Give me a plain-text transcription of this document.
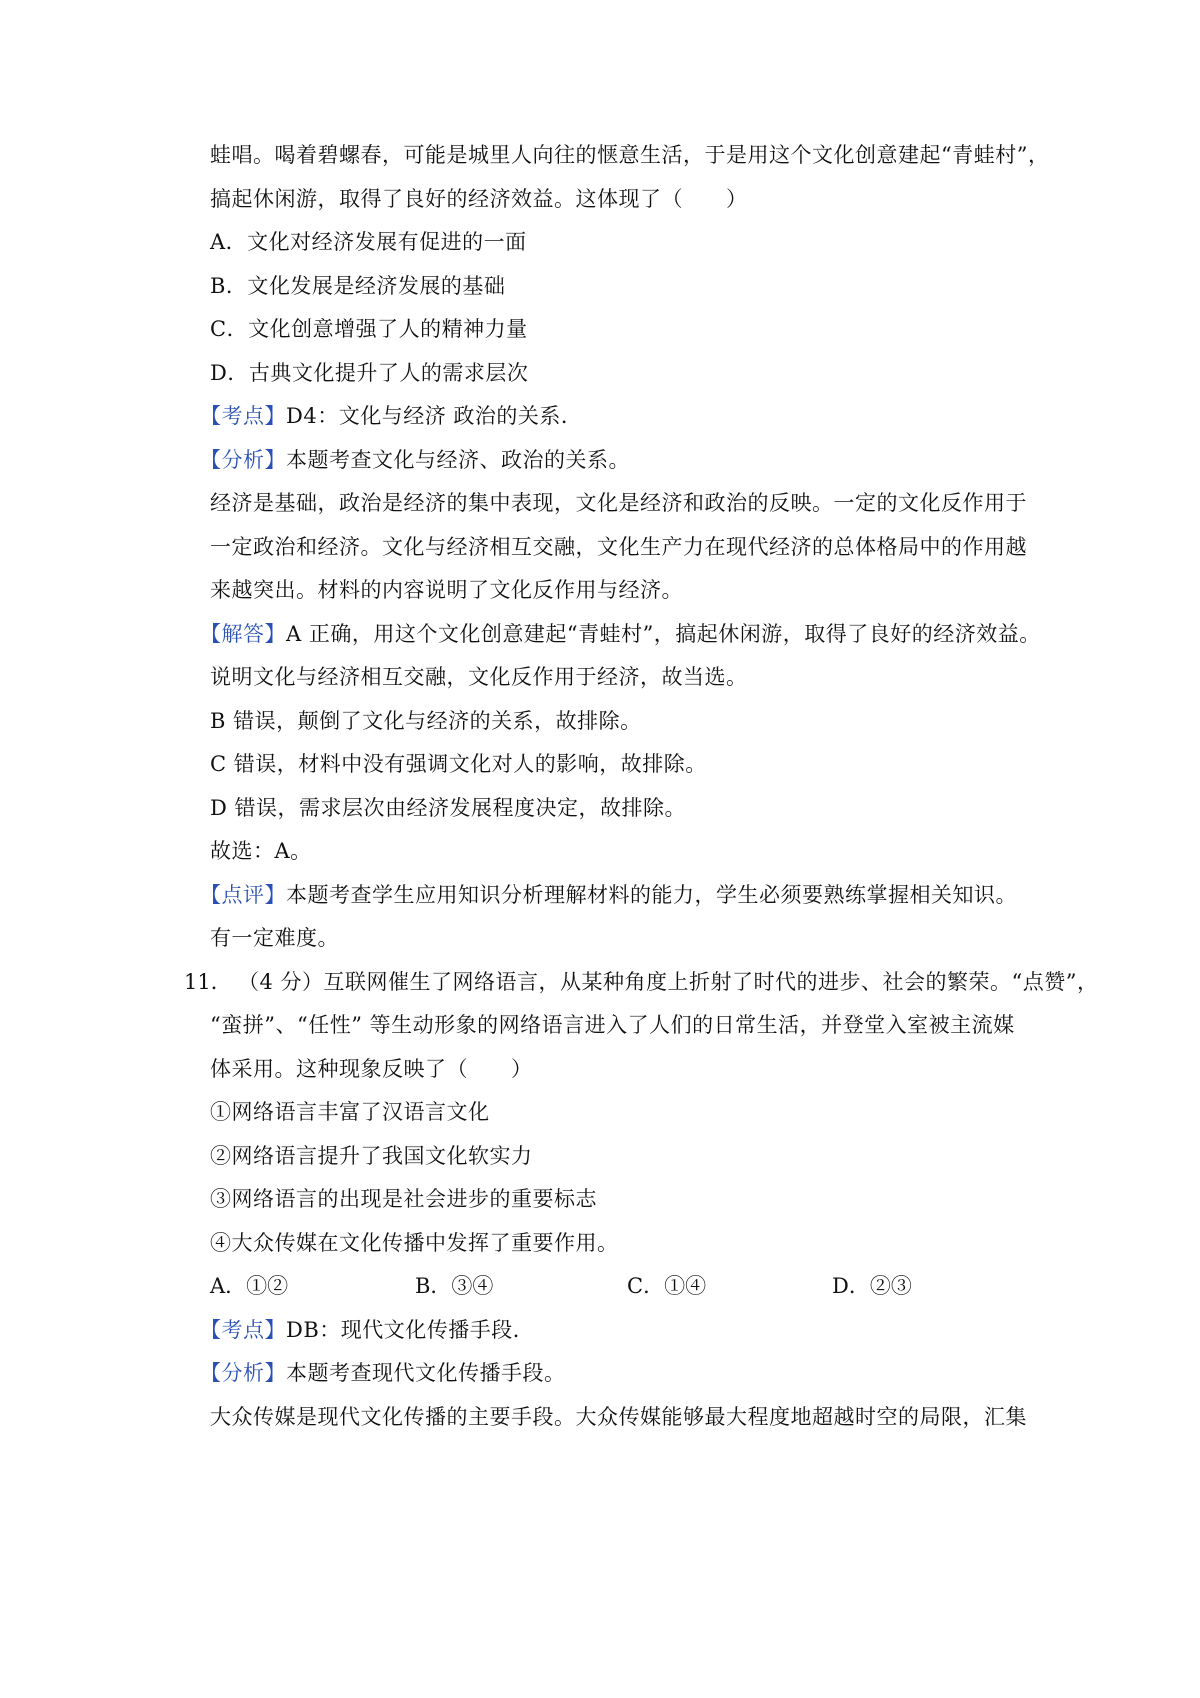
蛙唱。喝着碧螺春，可能是城里人向往的惬意生活，于是用这个文化创意建起“青蛙村”，
搞起休闲游，取得了良好的经济效益。这体现了（　　）
A．文化对经济发展有促进的一面
B．文化发展是经济发展的基础
C．文化创意增强了人的精神力量
D．古典文化提升了人的需求层次
【考点】D4：文化与经济 政治的关系．
【分析】本题考查文化与经济、政治的关系。
经济是基础，政治是经济的集中表现，文化是经济和政治的反映。一定的文化反作用于
一定政治和经济。文化与经济相互交融，文化生产力在现代经济的总体格局中的作用越
来越突出。材料的内容说明了文化反作用与经济。
【解答】A 正确，用这个文化创意建起“青蛙村”，搞起休闲游，取得了良好的经济效益。
说明文化与经济相互交融，文化反作用于经济，故当选。
B 错误，颠倒了文化与经济的关系，故排除。
C 错误，材料中没有强调文化对人的影响，故排除。
D 错误，需求层次由经济发展程度决定，故排除。
故选：A。
【点评】本题考查学生应用知识分析理解材料的能力，学生必须要熟练掌握相关知识。
有一定难度。
11． （4 分）互联网催生了网络语言，从某种角度上折射了时代的进步、社会的繁荣。“点赞”，
“蛮拼”、“任性” 等生动形象的网络语言进入了人们的日常生活，并登堂入室被主流媒
体采用。这种现象反映了（　　）
①网络语言丰富了汉语言文化
②网络语言提升了我国文化软实力
③网络语言的出现是社会进步的重要标志
④大众传媒在文化传播中发挥了重要作用。
A．①②	B．③④	C．①④	D．②③
【考点】DB：现代文化传播手段．
【分析】本题考查现代文化传播手段。
大众传媒是现代文化传播的主要手段。大众传媒能够最大程度地超越时空的局限，汇集
